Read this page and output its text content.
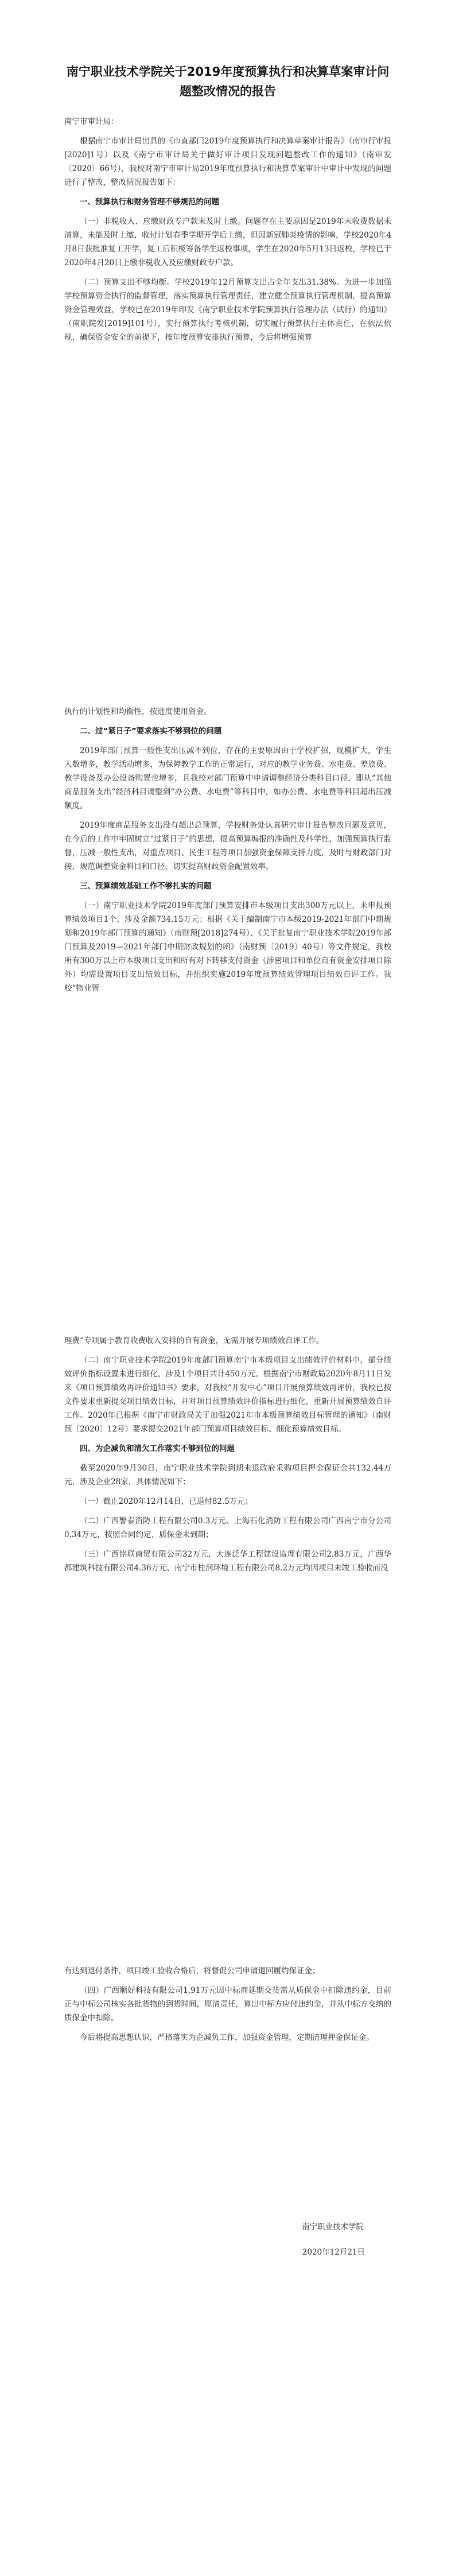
南宁职业技术学院关于2019年度预算执行和决算草案审计问题整改情况的报告

南宁市审计局：

根据南宁市审计局出具的《市直部门2019年度预算执行和决算草案审计报告》（南审行审报[2020]1号）以及《南宁市审计局关于做好审计项目发现问题整改工作的通知》（南审发〔2020〕66号），我校对南宁市审计局2019年度预算执行和决算草案审计中审计中发现的问题进行了整改，整改情况报告如下：

一、预算执行和财务管理不够规范的问题

（一）非税收入、应缴财政专户款未及时上缴。问题存在主要原因是2019年末收费数据未清算，未能及时上缴，收付计划春季学期开学后上缴，但因新冠肺炎疫情的影响，学校2020年4月8日获批准复工开学，复工后积极筹备学生返校事项，学生在2020年5月13日返校，学校已于2020年4月20日上缴非税收入及应缴财政专户款。

（二）预算支出不够均衡。学校2019年12月预算支出占全年支出31.38%。为进一步加强学校预算资金执行的监督管理，落实预算执行管理责任，建立健全预算执行管理机制，提高预算资金管理效益，学校已在2019年印发《南宁职业技术学院预算执行管理办法（试行）的通知》（南职院发[2019]101号），实行预算执行考核机制，切实履行预算执行主体责任，在依法依规，确保资金安全的前提下，按年度预算安排执行预算，今后将增强预算

执行的计划性和均衡性，按进度使用资金。

二、过“紧日子”要求落实不够到位的问题

2019年部门预算一般性支出压减不到位，存在的主要原因由于学校扩招，规模扩大，学生人数增多，教学活动增多，为保障教学工作的正常运行，对应的教学业务费、水电费、差旅费、教学设备及办公设备购置也增多，且我校对部门预算中申请调整经济分类科目口径，即从“其他商品服务支出”经济科目调整到“办公费、水电费”等科目中，如办公费、水电费等科目超出压减额度。

2019年度商品服务支出没有超出总预算，学校财务处认真研究审计报告整改问题及意见，在今后的工作中牢固树立“过紧日子”的思想，提高预算编报的准确性及科学性，加强预算执行监督，压减一般性支出，对重点项目、民生工程等项目加强资金保障支持力度，及时与财政部门对接，规范调整资金科目和口径，切实提高财政资金配置效率。

三、预算绩效基础工作不够扎实的问题

（一）南宁职业技术学院2019年度部门预算安排市本级项目支出300万元以上，未申报预算绩效项目1个，涉及金额734.15万元；根据《关于编制南宁市本级2019-2021年部门中期规划和2019年部门预算的通知》（南财预[2018]274号）、《关于批复南宁职业技术学院2019年部门预算及2019—2021年部门中期财政规划的函》（南财预〔2019〕40号）等文件规定，我校所有300万以上市本级项目支出和所有对下转移支付资金（涉密项目和单位自有资金安排项目除外）均需设置项目支出绩效目标，并组织实施2019年度预算绩效管理项目绩效自评工作。我校“物业管

理费”专项属于教育收费收入安排的自有资金，无需开展专项绩效自评工作。

（二）南宁职业技术学院2019年度部门预算南宁市本级项目支出绩效评价材料中，部分绩效评价指标设置未进行细化，涉及1个项目共计450万元。根据南宁市财政局2020年8月11日发来《项目预算绩效再评价通知书》要求，对我校“开发中心”项目开展预算绩效再评价，我校已按文件要求重新提交项目绩效目标，并对项目预算绩效评价指标进行细化，重新开展预算绩效自评工作。2020年已根据《南宁市财政局关于加强2021年市本级预算绩效目标管理的通知》（南财预〔2020〕12号）要求提交2021年部门预算项目绩效目标、细化预算绩效目标。

四、为企减负和清欠工作落实不够到位的问题

截至2020年9月30日，南宁职业技术学院到期未退政府采购项目押金保证金共132.44万元，涉及企业28家，具体情况如下：

（一）截止2020年12月14日，已退付82.5万元；

（二）广西警泰消防工程有限公司0.3万元、上海石化消防工程有限公司广西南宁市分公司0.34万元，按照合同约定，质保金未到期；

（三）广西铭联商贸有限公司32万元，大连泛华工程建设监理有限公司2.83万元，广西华都建筑科技有限公司4.36万元、南宁市桂润环境工程有限公司8.2万元均因项目未竣工验收而没

有达到退付条件，项目竣工验收合格后，将督促公司申请退回履约保证金；

（四）广西顺好科技有限公司1.91万元因中标商延期交货需从质保金中扣除违约金，目前正与中标公司核实各批货物的到货时间，厘清责任，算出中标方应付违约金，并从中标方交纳的质保金中扣除。

今后将提高思想认识，严格落实为企减负工作，加强资金管理，定期清理押金保证金。

南宁职业技术学院

2020年12月21日
